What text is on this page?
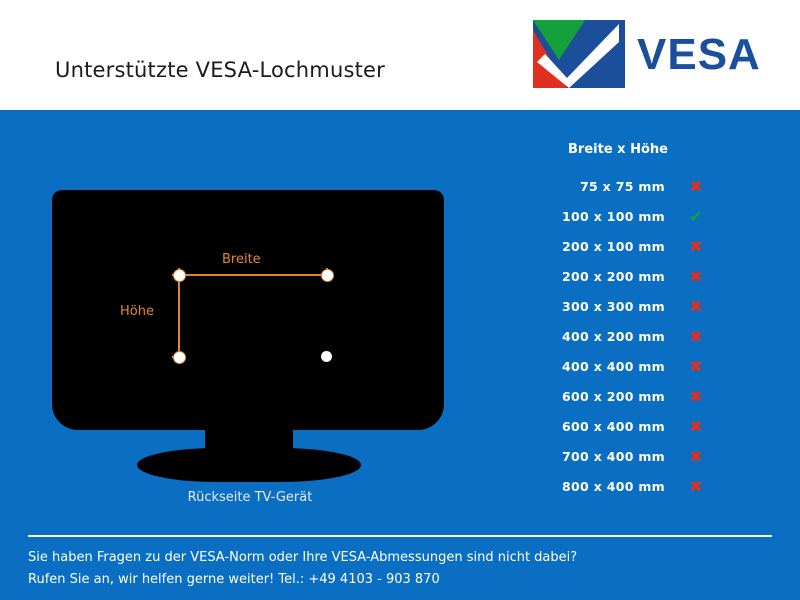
Unterstützte VESA-Lochmuster	VESA
Breite
Höhe
Rückseite TV-Gerät
Breite x Höhe
75 x 75 mm ✖
100 x 100 mm ✔
200 x 100 mm ✖
200 x 200 mm ✖
300 x 300 mm ✖
400 x 200 mm ✖
400 x 400 mm ✖
600 x 200 mm ✖
600 x 400 mm ✖
700 x 400 mm ✖
800 x 400 mm ✖
Sie haben Fragen zu der VESA-Norm oder Ihre VESA-Abmessungen sind nicht dabei?
Rufen Sie an, wir helfen gerne weiter! Tel.: +49 4103 - 903 870
